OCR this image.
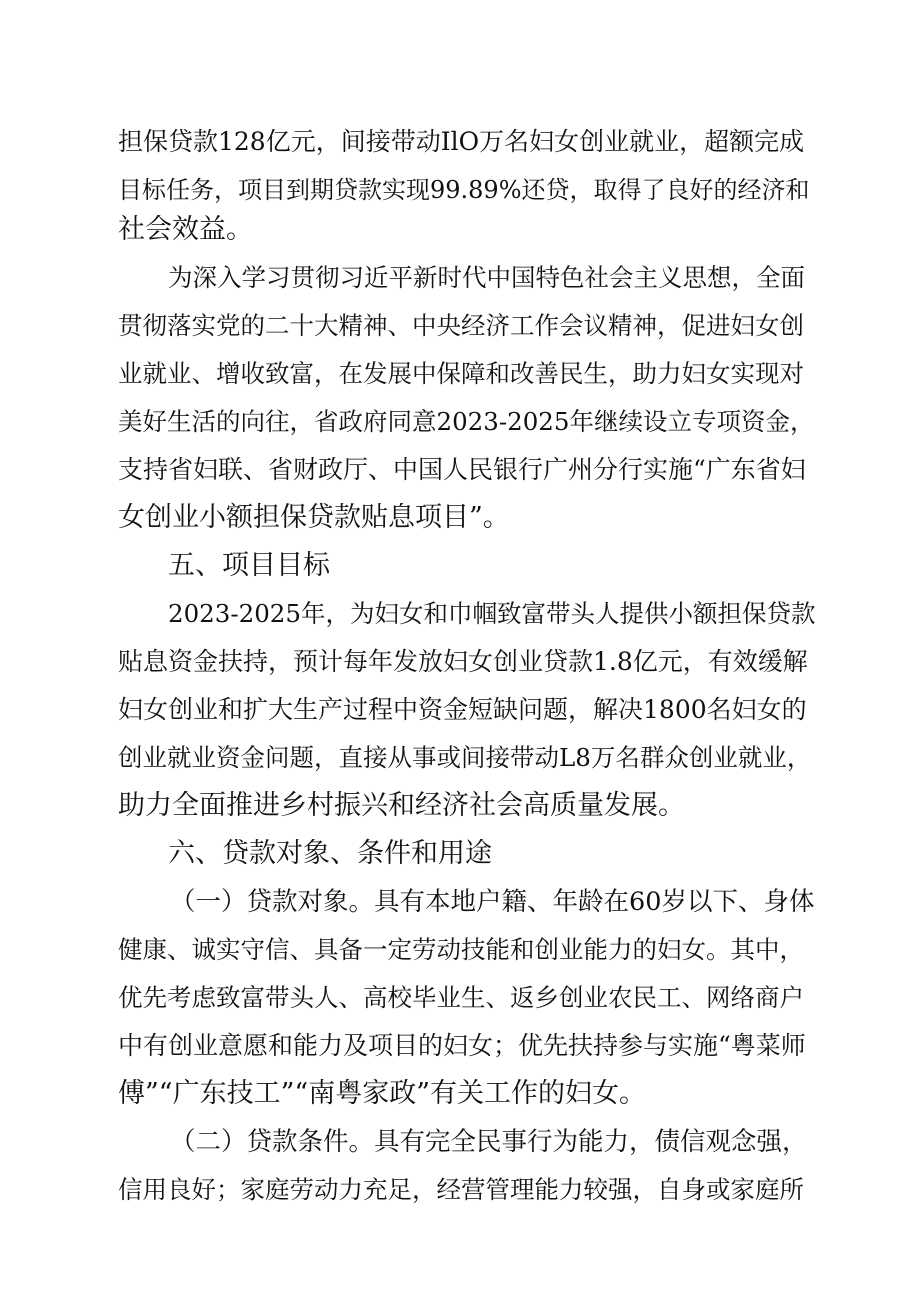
担保贷款128亿元，间接带动IlO万名妇女创业就业，超额完成
目标任务，项目到期贷款实现99.89%还贷，取得了良好的经济和
社会效益。
为深入学习贯彻习近平新时代中国特色社会主义思想，全面
贯彻落实党的二十大精神、中央经济工作会议精神，促进妇女创
业就业、增收致富，在发展中保障和改善民生，助力妇女实现对
美好生活的向往，省政府同意2023-2025年继续设立专项资金，
支持省妇联、省财政厅、中国人民银行广州分行实施“广东省妇
女创业小额担保贷款贴息项目”。
五、项目目标
2023-2025年，为妇女和巾帼致富带头人提供小额担保贷款
贴息资金扶持，预计每年发放妇女创业贷款1.8亿元，有效缓解
妇女创业和扩大生产过程中资金短缺问题，解决1800名妇女的
创业就业资金问题，直接从事或间接带动L8万名群众创业就业，
助力全面推进乡村振兴和经济社会高质量发展。
六、贷款对象、条件和用途
（一）贷款对象。具有本地户籍、年龄在60岁以下、身体
健康、诚实守信、具备一定劳动技能和创业能力的妇女。其中，
优先考虑致富带头人、高校毕业生、返乡创业农民工、网络商户
中有创业意愿和能力及项目的妇女；优先扶持参与实施“粤菜师
傅”“广东技工”“南粤家政”有关工作的妇女。
（二）贷款条件。具有完全民事行为能力，债信观念强，
信用良好；家庭劳动力充足，经营管理能力较强，自身或家庭所
